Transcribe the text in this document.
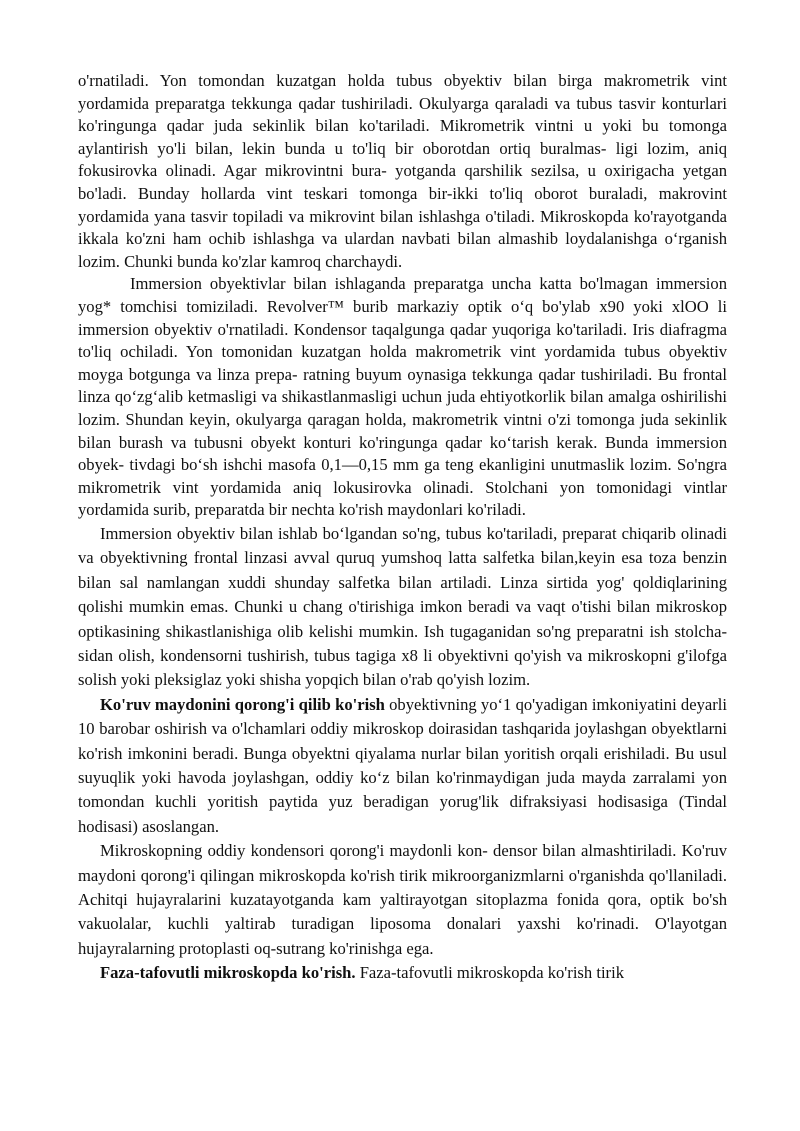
o'rnatiladi. Yon tomondan kuzatgan holda tubus obyektiv bilan birga makrometrik vint yordamida preparatga tekkunga qadar tushiriladi. Okulyarga qaraladi va tubus tasvir konturlari ko'ringunga qadar juda sekinlik bilan ko'tariladi. Mikrometrik vintni u yoki bu tomonga aylantirish yo'li bilan, lekin bunda u to'liq bir oborotdan ortiq buralmas- ligi lozim, aniq fokusirovka olinadi. Agar mikrovintni bura- yotganda qarshilik sezilsa, u oxirigacha yetgan bo'ladi. Bunday hollarda vint teskari tomonga bir-ikki to'liq oborot buraladi, makrovint yordamida yana tasvir topiladi va mikrovint bilan ishlashga o'tiladi. Mikroskopda ko'rayotganda ikkala ko'zni ham ochib ishlashga va ulardan navbati bilan almashib loydalanishga oʻrganish lozim. Chunki bunda ko'zlar kamroq charchaydi.

Immersion obyektivlar bilan ishlaganda preparatga uncha katta bo'lmagan immersion yog* tomchisi tomiziladi. Revolver™ burib markaziy optik oʻq bo'ylab x90 yoki xlOO li immersion obyektiv o'rnatiladi. Kondensor taqalgunga qadar yuqoriga ko'tariladi. Iris diafragma to'liq ochiladi. Yon tomonidan kuzatgan holda makrometrik vint yordamida tubus obyektiv moyga botgunga va linza prepa- ratning buyum oynasiga tekkunga qadar tushiriladi. Bu frontal linza qoʻzgʻalib ketmasligi va shikastlanmasligi uchun juda ehtiyotkorlik bilan amalga oshirilishi lozim. Shundan keyin, okulyarga qaragan holda, makrometrik vintni o'zi tomonga juda sekinlik bilan burash va tubusni obyekt konturi ko'ringunga qadar koʻtarish kerak. Bunda immersion obyek- tivdagi boʻsh ishchi masofa 0,1—0,15 mm ga teng ekanligini unutmaslik lozim. So'ngra mikrometrik vint yordamida aniq lokusirovka olinadi. Stolchani yon tomonidagi vintlar yordamida surib, preparatda bir nechta ko'rish maydonlari ko'riladi.

Immersion obyektiv bilan ishlab boʻlgandan so'ng, tubus ko'tariladi, preparat chiqarib olinadi va obyektivning frontal linzasi avval quruq yumshoq latta salfetka bilan,keyin esa toza benzin bilan sal namlangan xuddi shunday salfetka bilan artiladi. Linza sirtida yog' qoldiqlarining qolishi mumkin emas. Chunki u chang o'tirishiga imkon beradi va vaqt o'tishi bilan mikroskop optikasining shikastlanishiga olib kelishi mumkin. Ish tugaganidan so'ng preparatni ish stolcha- sidan olish, kondensorni tushirish, tubus tagiga x8 li obyektivni qo'yish va mikroskopni g'ilofga solish yoki pleksiglaz yoki shisha yopqich bilan o'rab qo'yish lozim.

Ko'ruv maydonini qorong'i qilib ko'rish obyektivning yoʻ1 qo'yadigan imkoniyatini deyarli 10 barobar oshirish va o'lchamlari oddiy mikroskop doirasidan tashqarida joylashgan obyektlarni ko'rish imkonini beradi. Bunga obyektni qiyalama nurlar bilan yoritish orqali erishiladi. Bu usul suyuqlik yoki havoda joylashgan, oddiy koʻz bilan ko'rinmaydigan juda mayda zarralami yon tomondan kuchli yoritish paytida yuz beradigan yorug'lik difraksiyasi hodisasiga (Tindal hodisasi) asoslangan.

Mikroskopning oddiy kondensori qorong'i maydonli kon- densor bilan almashtiriladi. Ko'ruv maydoni qorong'i qilingan mikroskopda ko'rish tirik mikroorganizmlarni o'rganishda qo'llaniladi. Achitqi hujayralarini kuzatayotganda kam yaltirayotgan sitoplazma fonida qora, optik bo'sh vakuolalar, kuchli yaltirab turadigan liposoma donalari yaxshi ko'rinadi. O'layotgan hujayralarning protoplasti oq-sutrang ko'rinishga ega.

Faza-tafovutli mikroskopda ko'rish. Faza-tafovutli mikroskopda ko'rish tirik
